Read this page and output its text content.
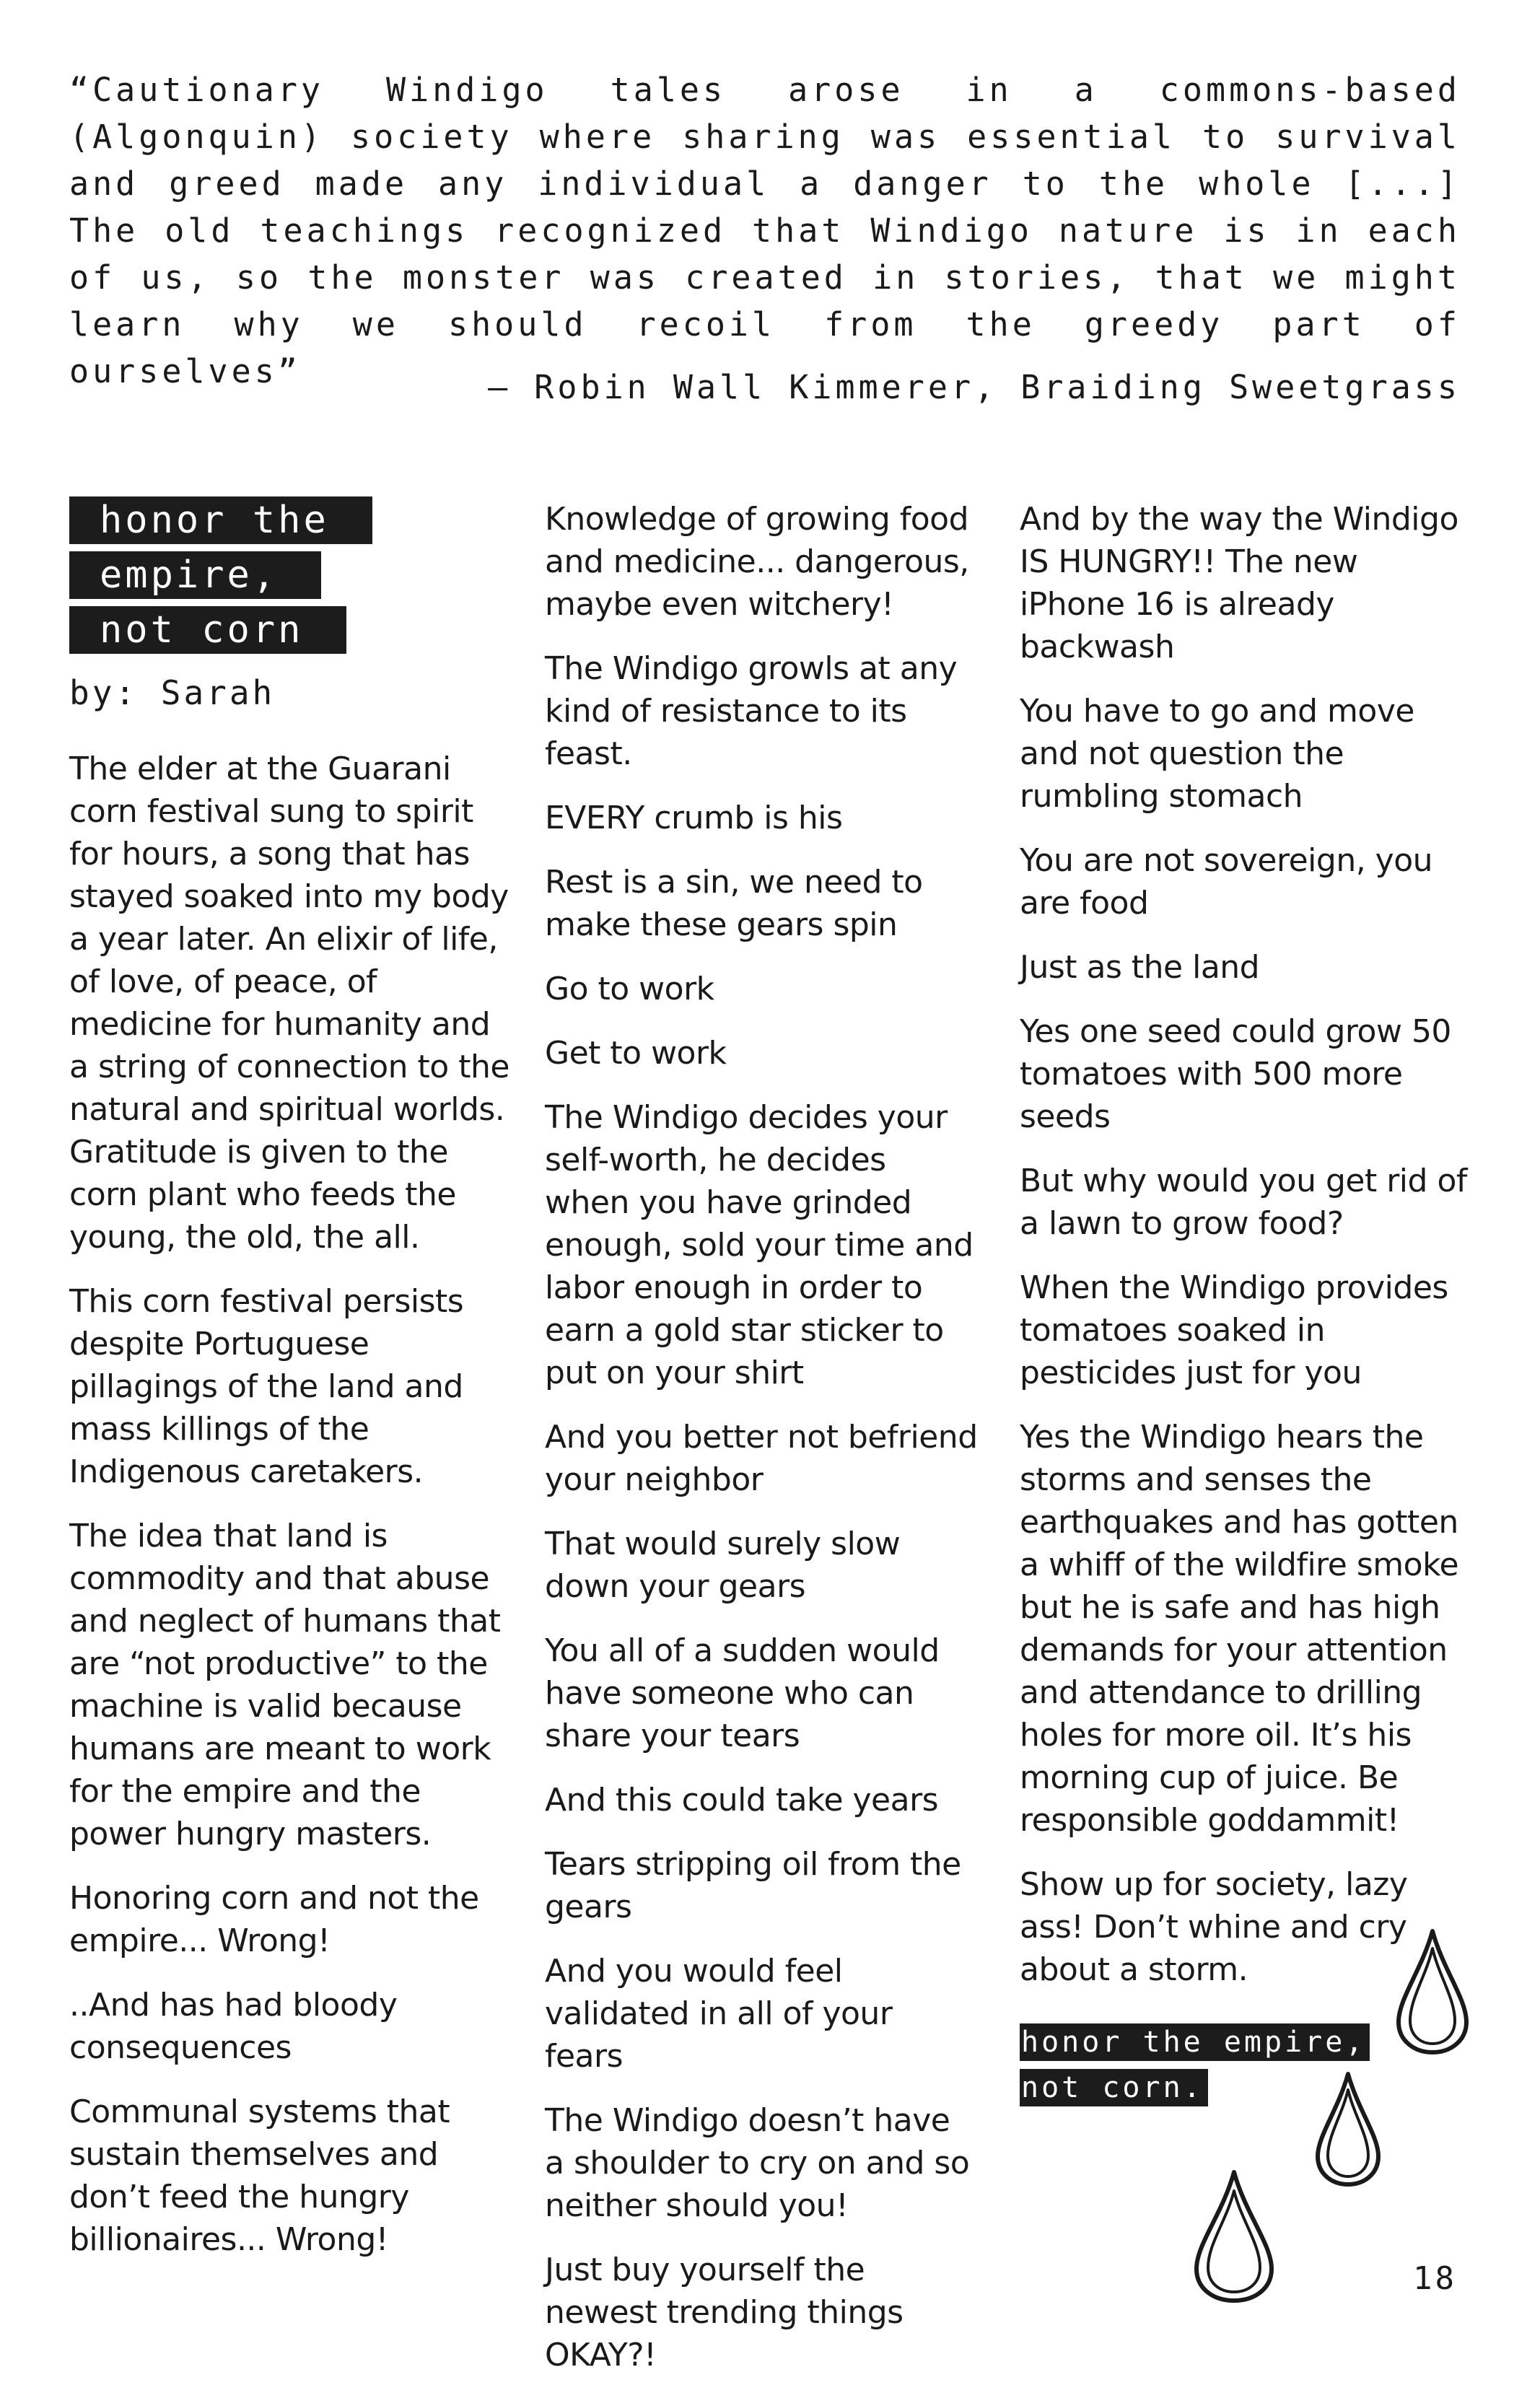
“Cautionary Windigo tales arose in a commons-based (Algonquin) society where sharing was essential to survival and greed made any individual a danger to the whole [...] The old teachings recognized that Windigo nature is in each of us, so the monster was created in stories, that we might learn why we should recoil from the greedy part of ourselves”	— Robin Wall Kimmerer, Braiding Sweetgrass

honor the
empire,
not corn
by: Sarah

The elder at the Guarani corn festival sung to spirit for hours, a song that has stayed soaked into my body a year later. An elixir of life, of love, of peace, of medicine for humanity and a string of connection to the natural and spiritual worlds. Gratitude is given to the corn plant who feeds the young, the old, the all.

This corn festival persists despite Portuguese pillagings of the land and mass killings of the Indigenous caretakers.

The idea that land is commodity and that abuse and neglect of humans that are “not productive” to the machine is valid because humans are meant to work for the empire and the power hungry masters.

Honoring corn and not the empire... Wrong!

..And has had bloody consequences

Communal systems that sustain themselves and don’t feed the hungry billionaires... Wrong!

Knowledge of growing food and medicine... dangerous, maybe even witchery!

The Windigo growls at any kind of resistance to its feast.

EVERY crumb is his

Rest is a sin, we need to make these gears spin

Go to work

Get to work

The Windigo decides your self-worth, he decides when you have grinded enough, sold your time and labor enough in order to earn a gold star sticker to put on your shirt

And you better not befriend your neighbor

That would surely slow down your gears

You all of a sudden would have someone who can share your tears

And this could take years

Tears stripping oil from the gears

And you would feel validated in all of your fears

The Windigo doesn’t have a shoulder to cry on and so neither should you!

Just buy yourself the newest trending things OKAY?!

And by the way the Windigo IS HUNGRY!! The new iPhone 16 is already backwash

You have to go and move and not question the rumbling stomach

You are not sovereign, you are food

Just as the land

Yes one seed could grow 50 tomatoes with 500 more seeds

But why would you get rid of a lawn to grow food?

When the Windigo provides tomatoes soaked in pesticides just for you

Yes the Windigo hears the storms and senses the earthquakes and has gotten a whiff of the wildfire smoke but he is safe and has high demands for your attention and attendance to drilling holes for more oil. It’s his morning cup of juice. Be responsible goddammit!

Show up for society, lazy ass! Don’t whine and cry about a storm.

honor the empire,
not corn.

18
